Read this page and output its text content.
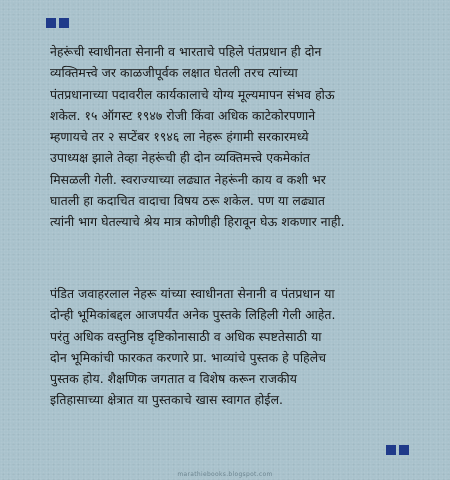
नेहरूंची स्वाधीनता सेनानी व भारताचे पहिले पंतप्रधान ही दोन
व्यक्तिमत्त्वे जर काळजीपूर्वक लक्षात घेतली तरच त्यांच्या
पंतप्रधानाच्या पदावरील कार्यकालाचे योग्य मूल्यमापन संभव होऊ
शकेल. १५ ऑगस्ट १९४७ रोजी किंवा अधिक काटेकोरपणाने
म्हणायचे तर २ सप्टेंबर १९४६ ला नेहरू हंगामी सरकारमध्ये
उपाध्यक्ष झाले तेव्हा नेहरूंची ही दोन व्यक्तिमत्त्वे एकमेकांत
मिसळली गेली. स्वराज्याच्या लढ्यात नेहरूंनी काय व कशी भर
घातली हा कदाचित वादाचा विषय ठरू शकेल. पण या लढ्यात
त्यांनी भाग घेतल्याचे श्रेय मात्र कोणीही हिरावून घेऊ शकणार नाही.
पंडित जवाहरलाल नेहरू यांच्या स्वाधीनता सेनानी व पंतप्रधान या
दोन्ही भूमिकांबद्दल आजपर्यंत अनेक पुस्तके लिहिली गेली आहेत.
परंतु अधिक वस्तुनिष्ठ दृष्टिकोनासाठी व अधिक स्पष्टतेसाठी या
दोन भूमिकांची फारकत करणारे प्रा. भाव्यांचे पुस्तक हे पहिलेच
पुस्तक होय. शैक्षणिक जगतात व विशेष करून राजकीय
इतिहासाच्या क्षेत्रात या पुस्तकाचे खास स्वागत होईल.
marathiebooks.blogspot.com
